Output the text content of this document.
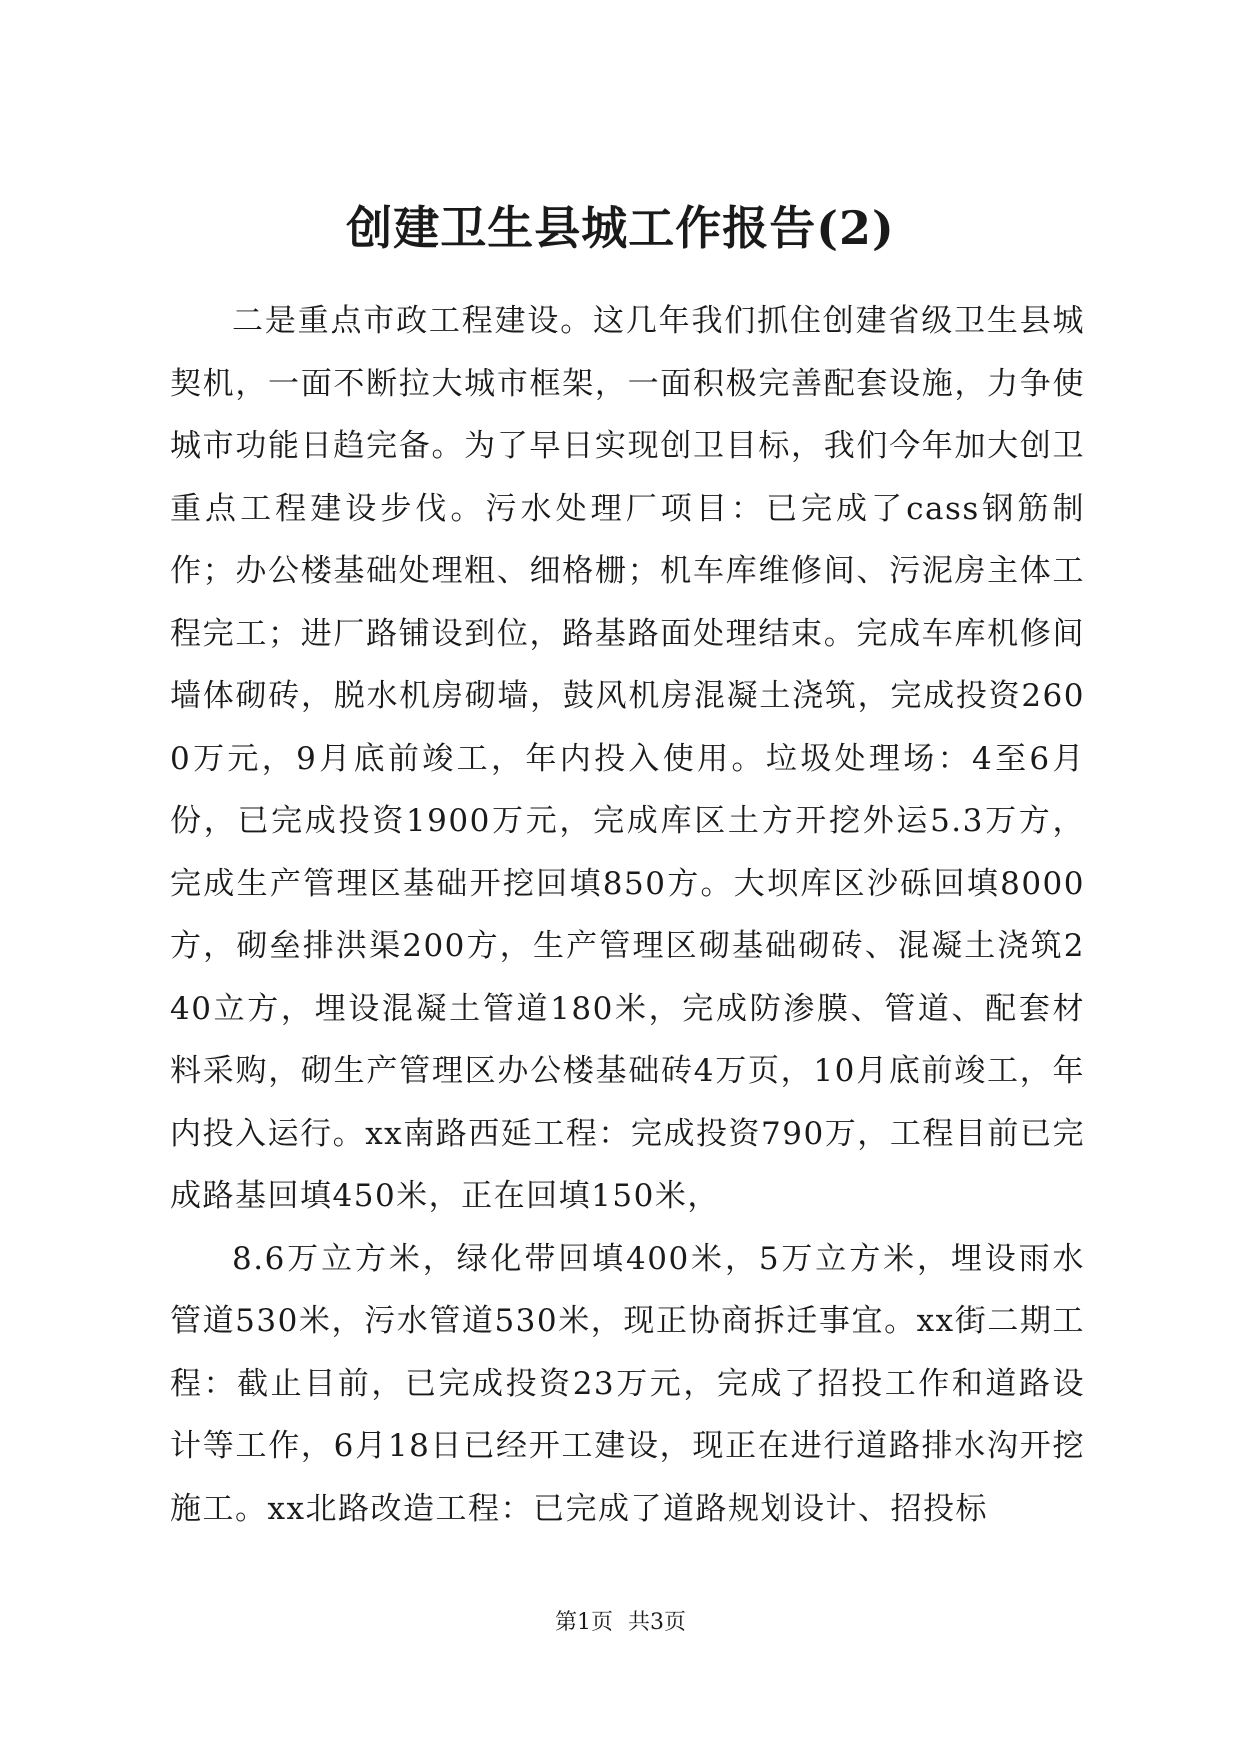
创建卫生县城工作报告(2)

二是重点市政工程建设。这几年我们抓住创建省级卫生县城契机，一面不断拉大城市框架，一面积极完善配套设施，力争使城市功能日趋完备。为了早日实现创卫目标，我们今年加大创卫重点工程建设步伐。污水处理厂项目：已完成了cass钢筋制作；办公楼基础处理粗、细格栅；机车库维修间、污泥房主体工程完工；进厂路铺设到位，路基路面处理结束。完成车库机修间墙体砌砖，脱水机房砌墙，鼓风机房混凝土浇筑，完成投资2600万元，9月底前竣工，年内投入使用。垃圾处理场：4至6月份，已完成投资1900万元，完成库区土方开挖外运5.3万方，完成生产管理区基础开挖回填850方。大坝库区沙砾回填8000方，砌垒排洪渠200方，生产管理区砌基础砌砖、混凝土浇筑240立方，埋设混凝土管道180米，完成防渗膜、管道、配套材料采购，砌生产管理区办公楼基础砖4万页，10月底前竣工，年内投入运行。xx南路西延工程：完成投资790万，工程目前已完成路基回填450米，正在回填150米，

8.6万立方米，绿化带回填400米，5万立方米，埋设雨水管道530米，污水管道530米，现正协商拆迁事宜。xx街二期工程：截止目前，已完成投资23万元，完成了招投工作和道路设计等工作，6月18日已经开工建设，现正在进行道路排水沟开挖施工。xx北路改造工程：已完成了道路规划设计、招投标

第1页 共3页
